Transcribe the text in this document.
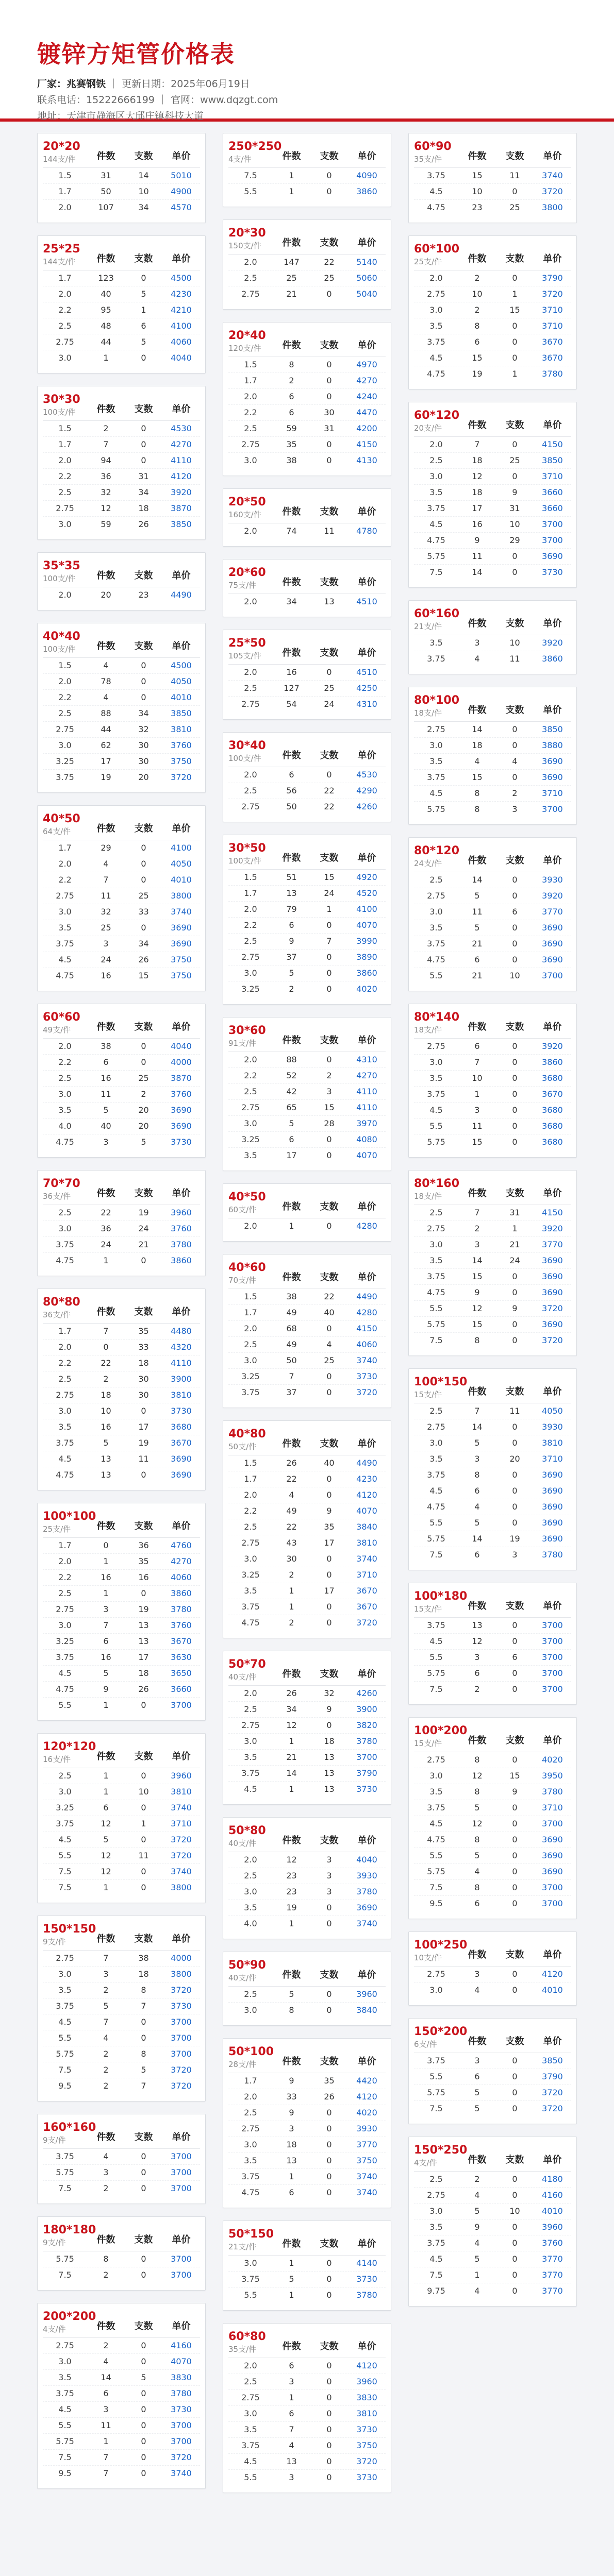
镀锌方矩管价格表
厂家：兆赛钢铁 ｜ 更新日期：2025年06月19日
联系电话：15222666199 ｜ 官网：www.dqzgt.com
地址：天津市静海区大邱庄镇科技大道
20*20
144支/件	件数	支数	单价
1.5	31	14	5010
1.7	50	10	4900
2.0	107	34	4570
25*25
144支/件	件数	支数	单价
1.7	123	0	4500
2.0	40	5	4230
2.2	95	1	4210
2.5	48	6	4100
2.75	44	5	4060
3.0	1	0	4040
30*30
100支/件	件数	支数	单价
1.5	2	0	4530
1.7	7	0	4270
2.0	94	0	4110
2.2	36	31	4120
2.5	32	34	3920
2.75	12	18	3870
3.0	59	26	3850
35*35
100支/件	件数	支数	单价
2.0	20	23	4490
40*40
100支/件	件数	支数	单价
1.5	4	0	4500
2.0	78	0	4050
2.2	4	0	4010
2.5	88	34	3850
2.75	44	32	3810
3.0	62	30	3760
3.25	17	30	3750
3.75	19	20	3720
40*50
64支/件	件数	支数	单价
1.7	29	0	4100
2.0	4	0	4050
2.2	7	0	4010
2.75	11	25	3800
3.0	32	33	3740
3.5	25	0	3690
3.75	3	34	3690
4.5	24	26	3750
4.75	16	15	3750
60*60
49支/件	件数	支数	单价
2.0	38	0	4040
2.2	6	0	4000
2.5	16	25	3870
3.0	11	2	3760
3.5	5	20	3690
4.0	40	20	3690
4.75	3	5	3730
70*70
36支/件	件数	支数	单价
2.5	22	19	3960
3.0	36	24	3760
3.75	24	21	3780
4.75	1	0	3860
80*80
36支/件	件数	支数	单价
1.7	7	35	4480
2.0	0	33	4320
2.2	22	18	4110
2.5	2	30	3900
2.75	18	30	3810
3.0	10	0	3730
3.5	16	17	3680
3.75	5	19	3670
4.5	13	11	3690
4.75	13	0	3690
100*100
25支/件	件数	支数	单价
1.7	0	36	4760
2.0	1	35	4270
2.2	16	16	4060
2.5	1	0	3860
2.75	3	19	3780
3.0	7	13	3760
3.25	6	13	3670
3.75	16	17	3630
4.5	5	18	3650
4.75	9	26	3660
5.5	1	0	3700
120*120
16支/件	件数	支数	单价
2.5	1	0	3960
3.0	1	10	3810
3.25	6	0	3740
3.75	12	1	3710
4.5	5	0	3720
5.5	12	11	3720
7.5	12	0	3740
7.5	1	0	3800
150*150
9支/件	件数	支数	单价
2.75	7	38	4000
3.0	3	18	3800
3.5	2	8	3720
3.75	5	7	3730
4.5	7	0	3700
5.5	4	0	3700
5.75	2	8	3700
7.5	2	5	3720
9.5	2	7	3720
160*160
9支/件	件数	支数	单价
3.75	4	0	3700
5.75	3	0	3700
7.5	2	0	3700
180*180
9支/件	件数	支数	单价
5.75	8	0	3700
7.5	2	0	3700
200*200
4支/件	件数	支数	单价
2.75	2	0	4160
3.0	4	0	4070
3.5	14	5	3830
3.75	6	0	3780
4.5	3	0	3730
5.5	11	0	3700
5.75	1	0	3700
7.5	7	0	3720
9.5	7	0	3740
250*250
4支/件	件数	支数	单价
7.5	1	0	4090
5.5	1	0	3860
20*30
150支/件	件数	支数	单价
2.0	147	22	5140
2.5	25	25	5060
2.75	21	0	5040
20*40
120支/件	件数	支数	单价
1.5	8	0	4970
1.7	2	0	4270
2.0	6	0	4240
2.2	6	30	4470
2.5	59	31	4200
2.75	35	0	4150
3.0	38	0	4130
20*50
160支/件	件数	支数	单价
2.0	74	11	4780
20*60
75支/件	件数	支数	单价
2.0	34	13	4510
25*50
105支/件	件数	支数	单价
2.0	16	0	4510
2.5	127	25	4250
2.75	54	24	4310
30*40
100支/件	件数	支数	单价
2.0	6	0	4530
2.5	56	22	4290
2.75	50	22	4260
30*50
100支/件	件数	支数	单价
1.5	51	15	4920
1.7	13	24	4520
2.0	79	1	4100
2.2	6	0	4070
2.5	9	7	3990
2.75	37	0	3890
3.0	5	0	3860
3.25	2	0	4020
30*60
91支/件	件数	支数	单价
2.0	88	0	4310
2.2	52	2	4270
2.5	42	3	4110
2.75	65	15	4110
3.0	5	28	3970
3.25	6	0	4080
3.5	17	0	4070
40*50
60支/件	件数	支数	单价
2.0	1	0	4280
40*60
70支/件	件数	支数	单价
1.5	38	22	4490
1.7	49	40	4280
2.0	68	0	4150
2.5	49	4	4060
3.0	50	25	3740
3.25	7	0	3730
3.75	37	0	3720
40*80
50支/件	件数	支数	单价
1.5	26	40	4490
1.7	22	0	4230
2.0	4	0	4120
2.2	49	9	4070
2.5	22	35	3840
2.75	43	17	3810
3.0	30	0	3740
3.25	2	0	3710
3.5	1	17	3670
3.75	1	0	3670
4.75	2	0	3720
50*70
40支/件	件数	支数	单价
2.0	26	32	4260
2.5	34	9	3900
2.75	12	0	3820
3.0	1	18	3780
3.5	21	13	3700
3.75	14	13	3790
4.5	1	13	3730
50*80
40支/件	件数	支数	单价
2.0	12	3	4040
2.5	23	3	3930
3.0	23	3	3780
3.5	19	0	3690
4.0	1	0	3740
50*90
40支/件	件数	支数	单价
2.5	5	0	3960
3.0	8	0	3840
50*100
28支/件	件数	支数	单价
1.7	9	35	4420
2.0	33	26	4120
2.5	9	0	4020
2.75	3	0	3930
3.0	18	0	3770
3.5	13	0	3750
3.75	1	0	3740
4.75	6	0	3740
50*150
21支/件	件数	支数	单价
3.0	1	0	4140
3.75	5	0	3730
5.5	1	0	3780
60*80
35支/件	件数	支数	单价
2.0	6	0	4120
2.5	3	0	3960
2.75	1	0	3830
3.0	6	0	3810
3.5	7	0	3730
3.75	4	0	3750
4.5	13	0	3720
5.5	3	0	3730
60*90
35支/件	件数	支数	单价
3.75	15	11	3740
4.5	10	0	3720
4.75	23	25	3800
60*100
25支/件	件数	支数	单价
2.0	2	0	3790
2.75	10	1	3720
3.0	2	15	3710
3.5	8	0	3710
3.75	6	0	3670
4.5	15	0	3670
4.75	19	1	3780
60*120
20支/件	件数	支数	单价
2.0	7	0	4150
2.5	18	25	3850
3.0	12	0	3710
3.5	18	9	3660
3.75	17	31	3660
4.5	16	10	3700
4.75	9	29	3700
5.75	11	0	3690
7.5	14	0	3730
60*160
21支/件	件数	支数	单价
3.5	3	10	3920
3.75	4	11	3860
80*100
18支/件	件数	支数	单价
2.75	14	0	3850
3.0	18	0	3880
3.5	4	4	3690
3.75	15	0	3690
4.5	8	2	3710
5.75	8	3	3700
80*120
24支/件	件数	支数	单价
2.5	14	0	3930
2.75	5	0	3920
3.0	11	6	3770
3.5	5	0	3690
3.75	21	0	3690
4.75	6	0	3690
5.5	21	10	3700
80*140
18支/件	件数	支数	单价
2.75	6	0	3920
3.0	7	0	3860
3.5	10	0	3680
3.75	1	0	3670
4.5	3	0	3680
5.5	11	0	3680
5.75	15	0	3680
80*160
18支/件	件数	支数	单价
2.5	7	31	4150
2.75	2	1	3920
3.0	3	21	3770
3.5	14	24	3690
3.75	15	0	3690
4.75	9	0	3690
5.5	12	9	3720
5.75	15	0	3690
7.5	8	0	3720
100*150
15支/件	件数	支数	单价
2.5	7	11	4050
2.75	14	0	3930
3.0	5	0	3810
3.5	3	20	3710
3.75	8	0	3690
4.5	6	0	3690
4.75	4	0	3690
5.5	5	0	3690
5.75	14	19	3690
7.5	6	3	3780
100*180
15支/件	件数	支数	单价
3.75	13	0	3700
4.5	12	0	3700
5.5	3	6	3700
5.75	6	0	3700
7.5	2	0	3700
100*200
15支/件	件数	支数	单价
2.75	8	0	4020
3.0	12	15	3950
3.5	8	9	3780
3.75	5	0	3710
4.5	12	0	3700
4.75	8	0	3690
5.5	5	0	3690
5.75	4	0	3690
7.5	8	0	3700
9.5	6	0	3700
100*250
10支/件	件数	支数	单价
2.75	3	0	4120
3.0	4	0	4010
150*200
6支/件	件数	支数	单价
3.75	3	0	3850
5.5	6	0	3790
5.75	5	0	3720
7.5	5	0	3720
150*250
4支/件	件数	支数	单价
2.5	2	0	4180
2.75	4	0	4160
3.0	5	10	4010
3.5	9	0	3960
3.75	4	0	3760
4.5	5	0	3770
7.5	1	0	3770
9.75	4	0	3770
